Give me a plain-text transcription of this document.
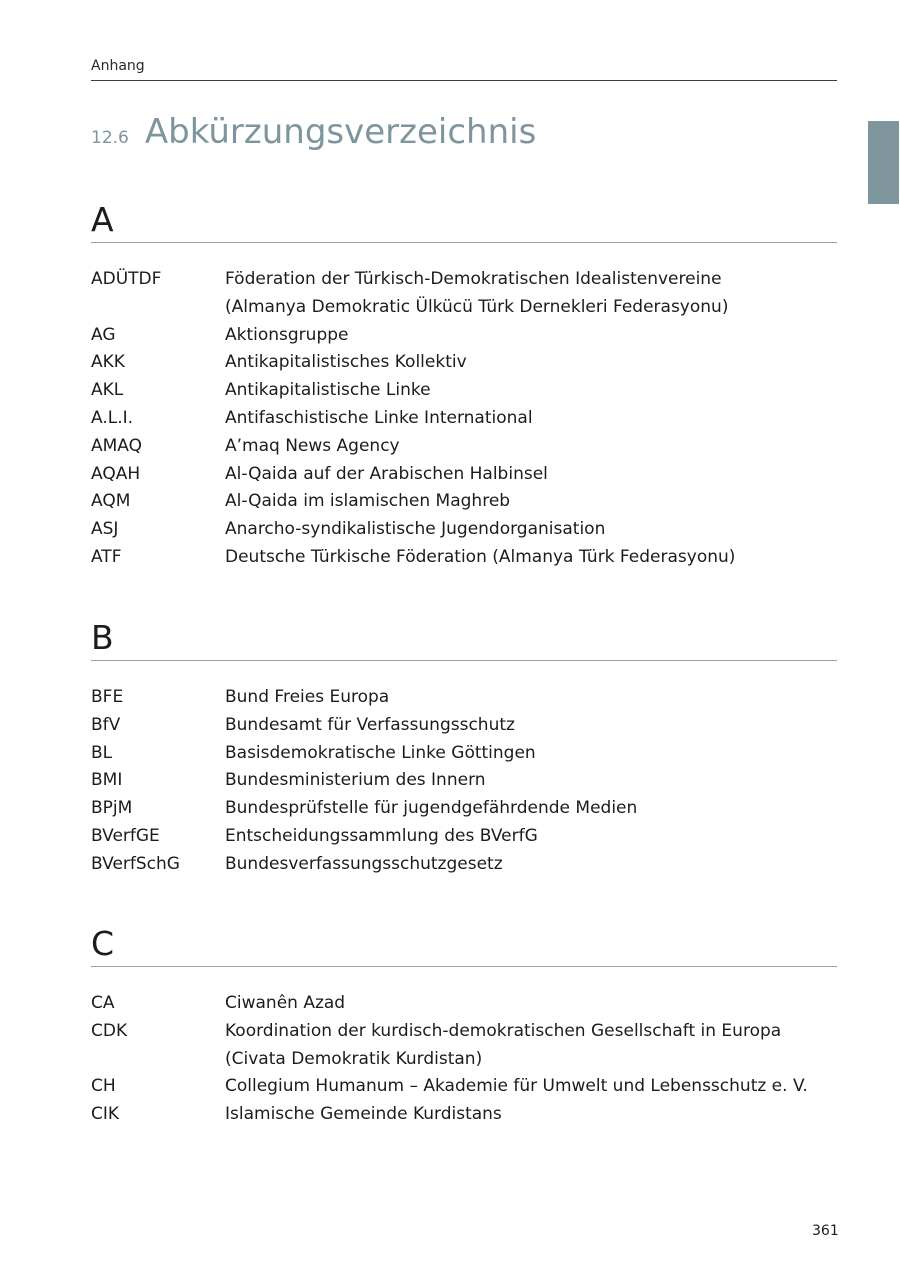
Anhang
12.6 Abkürzungsverzeichnis
A
ADÜTDF	Föderation der Türkisch-Demokratischen Idealistenvereine
(Almanya Demokratic Ülkücü Türk Dernekleri Federasyonu)
AG	Aktionsgruppe
AKK	Antikapitalistisches Kollektiv
AKL	Antikapitalistische Linke
A.L.I.	Antifaschistische Linke International
AMAQ	A’maq News Agency
AQAH	Al-Qaida auf der Arabischen Halbinsel
AQM	Al-Qaida im islamischen Maghreb
ASJ	Anarcho-syndikalistische Jugendorganisation
ATF	Deutsche Türkische Föderation (Almanya Türk Federasyonu)
B
BFE	Bund Freies Europa
BfV	Bundesamt für Verfassungsschutz
BL	Basisdemokratische Linke Göttingen
BMI	Bundesministerium des Innern
BPjM	Bundesprüfstelle für jugendgefährdende Medien
BVerfGE	Entscheidungssammlung des BVerfG
BVerfSchG	Bundesverfassungsschutzgesetz
C
CA	Ciwanên Azad
CDK	Koordination der kurdisch-demokratischen Gesellschaft in Europa
(Civata Demokratik Kurdistan)
CH	Collegium Humanum – Akademie für Umwelt und Lebensschutz e. V.
CIK	Islamische Gemeinde Kurdistans
361
